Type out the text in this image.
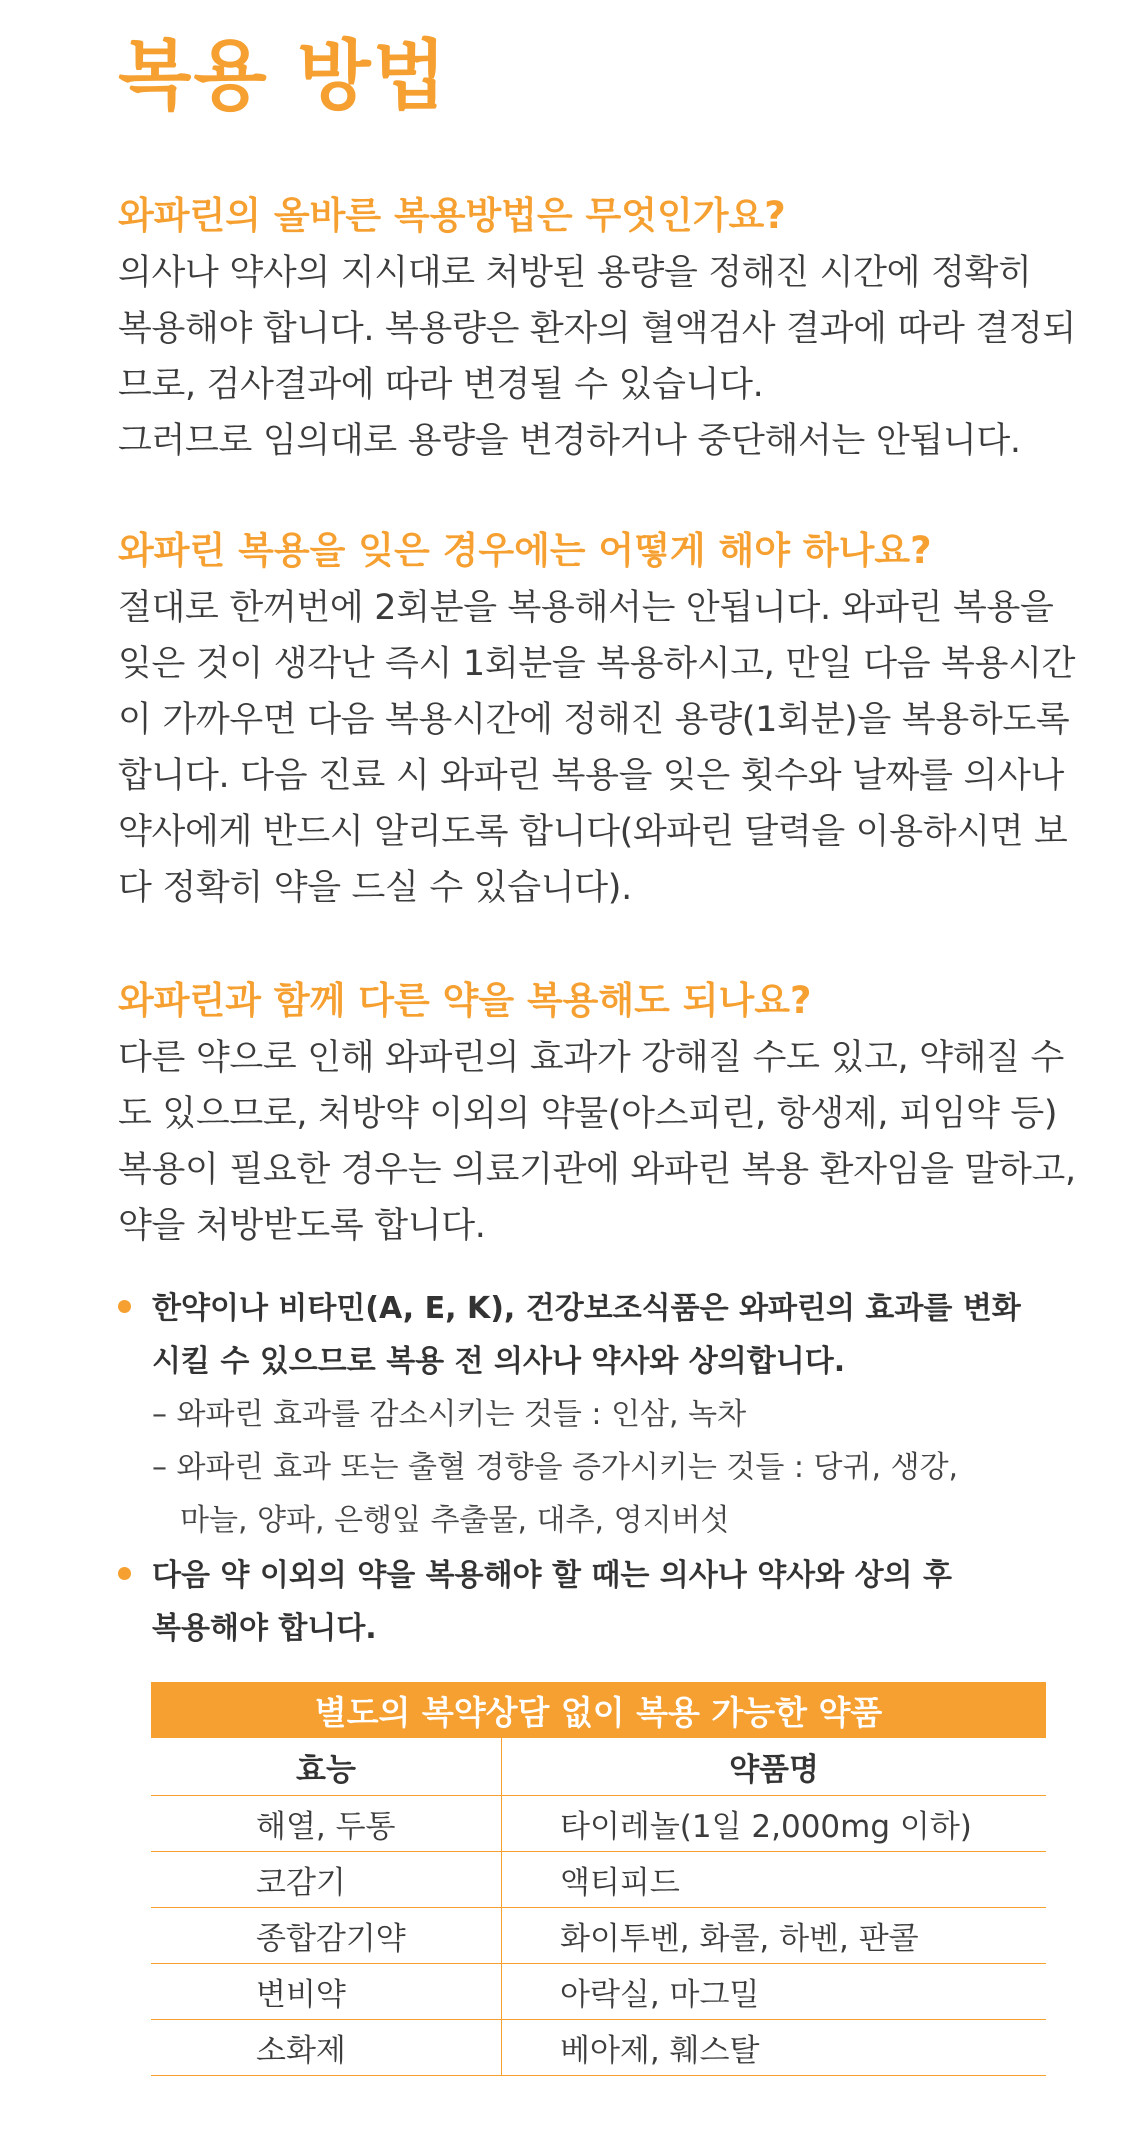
복용 방법
와파린의 올바른 복용방법은 무엇인가요?
의사나 약사의 지시대로 처방된 용량을 정해진 시간에 정확히
복용해야 합니다. 복용량은 환자의 혈액검사 결과에 따라 결정되
므로, 검사결과에 따라 변경될 수 있습니다.
그러므로 임의대로 용량을 변경하거나 중단해서는 안됩니다.
와파린 복용을 잊은 경우에는 어떻게 해야 하나요?
절대로 한꺼번에 2회분을 복용해서는 안됩니다. 와파린 복용을
잊은 것이 생각난 즉시 1회분을 복용하시고, 만일 다음 복용시간
이 가까우면 다음 복용시간에 정해진 용량(1회분)을 복용하도록
합니다. 다음 진료 시 와파린 복용을 잊은 횟수와 날짜를 의사나
약사에게 반드시 알리도록 합니다(와파린 달력을 이용하시면 보
다 정확히 약을 드실 수 있습니다).
와파린과 함께 다른 약을 복용해도 되나요?
다른 약으로 인해 와파린의 효과가 강해질 수도 있고, 약해질 수
도 있으므로, 처방약 이외의 약물(아스피린, 항생제, 피임약 등)
복용이 필요한 경우는 의료기관에 와파린 복용 환자임을 말하고,
약을 처방받도록 합니다.
한약이나 비타민(A, E, K), 건강보조식품은 와파린의 효과를 변화
시킬 수 있으므로 복용 전 의사나 약사와 상의합니다.
– 와파린 효과를 감소시키는 것들 : 인삼, 녹차
– 와파린 효과 또는 출혈 경향을 증가시키는 것들 : 당귀, 생강,
마늘, 양파, 은행잎 추출물, 대추, 영지버섯
다음 약 이외의 약을 복용해야 할 때는 의사나 약사와 상의 후
복용해야 합니다.
별도의 복약상담 없이 복용 가능한 약품	
효능	약품명
해열, 두통	타이레놀(1일 2,000mg 이하)
코감기	액티피드
종합감기약	화이투벤, 화콜, 하벤, 판콜
변비약	아락실, 마그밀
소화제	베아제, 훼스탈
